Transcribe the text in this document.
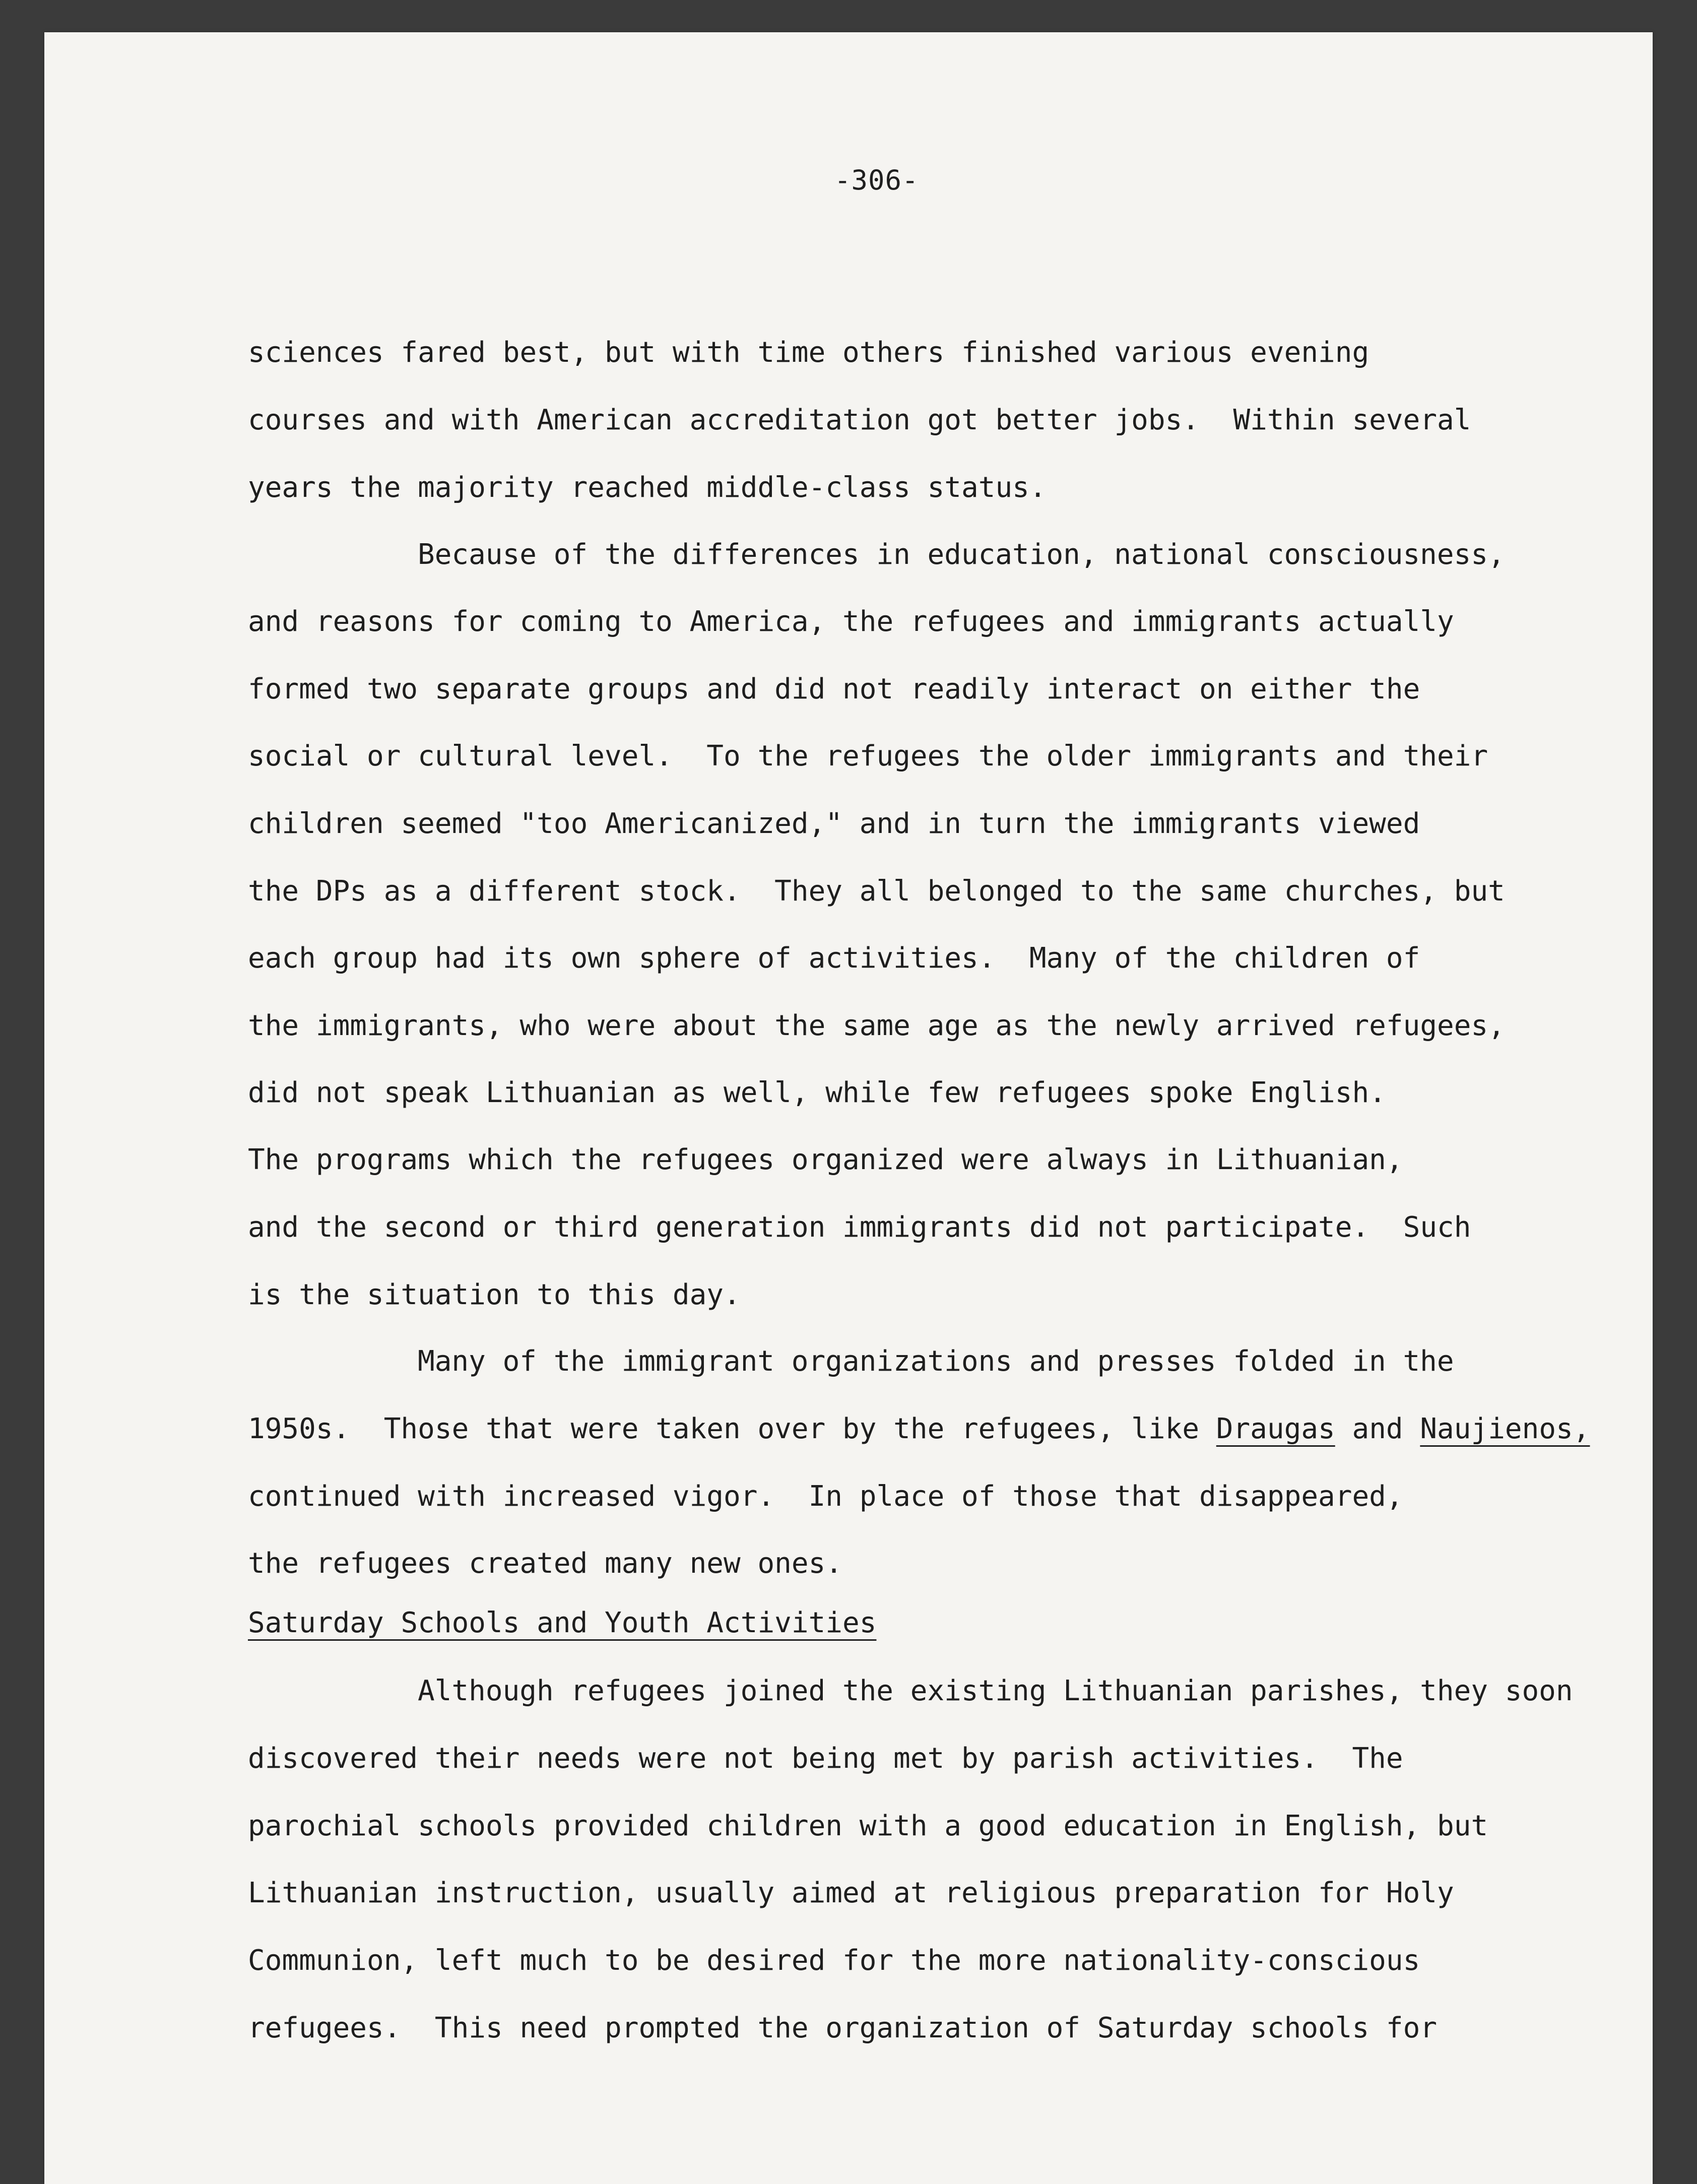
-306-
sciences fared best, but with time others finished various evening
courses and with American accreditation got better jobs.  Within several
years the majority reached middle-class status.
Because of the differences in education, national consciousness,
and reasons for coming to America, the refugees and immigrants actually
formed two separate groups and did not readily interact on either the
social or cultural level.  To the refugees the older immigrants and their
children seemed "too Americanized," and in turn the immigrants viewed
the DPs as a different stock.  They all belonged to the same churches, but
each group had its own sphere of activities.  Many of the children of
the immigrants, who were about the same age as the newly arrived refugees,
did not speak Lithuanian as well, while few refugees spoke English.
The programs which the refugees organized were always in Lithuanian,
and the second or third generation immigrants did not participate.  Such
is the situation to this day.
Many of the immigrant organizations and presses folded in the
1950s.  Those that were taken over by the refugees, like Draugas and Naujienos,
continued with increased vigor.  In place of those that disappeared,
the refugees created many new ones.
Saturday Schools and Youth Activities
Although refugees joined the existing Lithuanian parishes, they soon
discovered their needs were not being met by parish activities.  The
parochial schools provided children with a good education in English, but
Lithuanian instruction, usually aimed at religious preparation for Holy
Communion, left much to be desired for the more nationality-conscious
refugees.  This need prompted the organization of Saturday schools for
